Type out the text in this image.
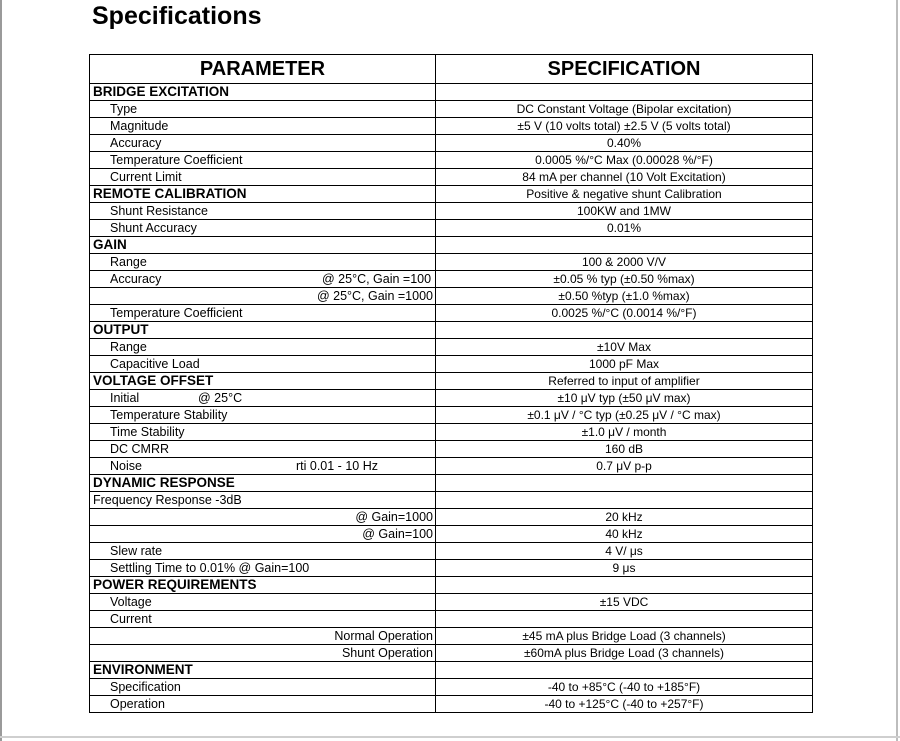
Specifications
PARAMETER	SPECIFICATION
BRIDGE EXCITATION	
Type	DC Constant Voltage (Bipolar excitation)
Magnitude	±5 V (10 volts total) ±2.5 V (5 volts total)
Accuracy	0.40%
Temperature Coefficient	0.0005 %/°C Max (0.00028 %/°F)
Current Limit	84 mA per channel (10 Volt Excitation)
REMOTE CALIBRATION	Positive & negative shunt Calibration
Shunt Resistance	100KW and 1MW
Shunt Accuracy	0.01%
GAIN	
Range	100 & 2000 V/V
Accuracy @ 25°C, Gain =100	±0.05 % typ (±0.50 %max)
@ 25°C, Gain =1000	±0.50 %typ (±1.0 %max)
Temperature Coefficient	0.0025 %/°C (0.0014 %/°F)
OUTPUT	
Range	±10V Max
Capacitive Load	1000 pF Max
VOLTAGE OFFSET	Referred to input of amplifier
Initial @ 25°C	±10 μV typ (±50 μV max)
Temperature Stability	±0.1 μV / °C typ (±0.25 μV / °C max)
Time Stability	±1.0 μV / month
DC CMRR	160 dB
Noise rti 0.01 - 10 Hz	0.7 μV p-p
DYNAMIC RESPONSE	
Frequency Response -3dB	
@ Gain=1000	20 kHz
@ Gain=100	40 kHz
Slew rate	4 V/ μs
Settling Time to 0.01% @ Gain=100	9 μs
POWER REQUIREMENTS	
Voltage	±15 VDC
Current	
Normal Operation	±45 mA plus Bridge Load (3 channels)
Shunt Operation	±60mA plus Bridge Load (3 channels)
ENVIRONMENT	
Specification	-40 to +85°C (-40 to +185°F)
Operation	-40 to +125°C (-40 to +257°F)
